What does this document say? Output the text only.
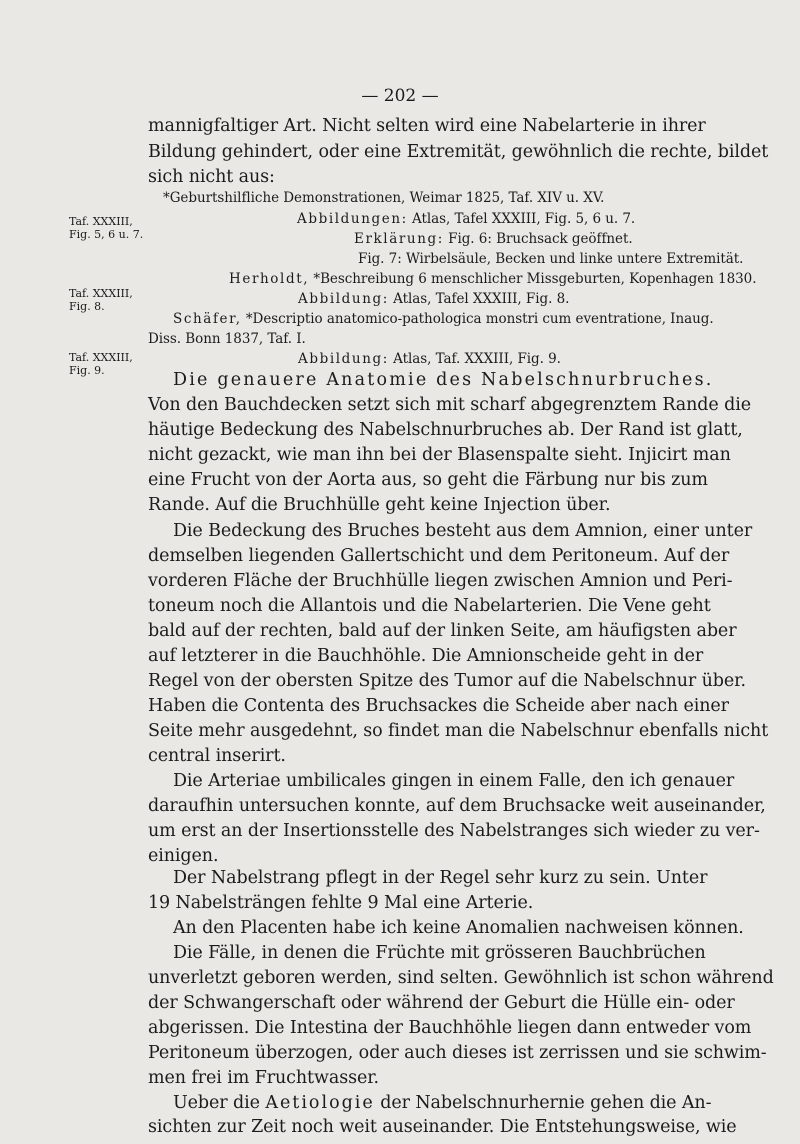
— 202 —
Taf. XXXIII,
Fig. 5, 6 u. 7.
Taf. XXXIII,
Fig. 8.
Taf. XXXIII,
Fig. 9.
mannigfaltiger Art. Nicht selten wird eine Nabelarterie in ihrer
Bildung gehindert, oder eine Extremität, gewöhnlich die rechte, bildet
sich nicht aus:
*Geburtshilfliche Demonstrationen, Weimar 1825, Taf. XIV u. XV.
Abbildungen: Atlas, Tafel XXXIII, Fig. 5, 6 u. 7.
Erklärung: Fig. 6: Bruchsack geöffnet.
Fig. 7: Wirbelsäule, Becken und linke untere Extremität.
Herholdt, *Beschreibung 6 menschlicher Missgeburten, Kopenhagen 1830.
Abbildung: Atlas, Tafel XXXIII, Fig. 8.
Schäfer, *Descriptio anatomico-pathologica monstri cum eventratione, Inaug.
Diss. Bonn 1837, Taf. I.
Abbildung: Atlas, Taf. XXXIII, Fig. 9.
Die genauere Anatomie des Nabelschnurbruches.
Von den Bauchdecken setzt sich mit scharf abgegrenztem Rande die
häutige Bedeckung des Nabelschnurbruches ab. Der Rand ist glatt,
nicht gezackt, wie man ihn bei der Blasenspalte sieht. Injicirt man
eine Frucht von der Aorta aus, so geht die Färbung nur bis zum
Rande. Auf die Bruchhülle geht keine Injection über.
Die Bedeckung des Bruches besteht aus dem Amnion, einer unter
demselben liegenden Gallertschicht und dem Peritoneum. Auf der
vorderen Fläche der Bruchhülle liegen zwischen Amnion und Peri-
toneum noch die Allantois und die Nabelarterien. Die Vene geht
bald auf der rechten, bald auf der linken Seite, am häufigsten aber
auf letzterer in die Bauchhöhle. Die Amnionscheide geht in der
Regel von der obersten Spitze des Tumor auf die Nabelschnur über.
Haben die Contenta des Bruchsackes die Scheide aber nach einer
Seite mehr ausgedehnt, so findet man die Nabelschnur ebenfalls nicht
central inserirt.
Die Arteriae umbilicales gingen in einem Falle, den ich genauer
daraufhin untersuchen konnte, auf dem Bruchsacke weit auseinander,
um erst an der Insertionsstelle des Nabelstranges sich wieder zu ver-
einigen.
Der Nabelstrang pflegt in der Regel sehr kurz zu sein. Unter
19 Nabelsträngen fehlte 9 Mal eine Arterie.
An den Placenten habe ich keine Anomalien nachweisen können.
Die Fälle, in denen die Früchte mit grösseren Bauchbrüchen
unverletzt geboren werden, sind selten. Gewöhnlich ist schon während
der Schwangerschaft oder während der Geburt die Hülle ein- oder
abgerissen. Die Intestina der Bauchhöhle liegen dann entweder vom
Peritoneum überzogen, oder auch dieses ist zerrissen und sie schwim-
men frei im Fruchtwasser.
Ueber die Aetiologie der Nabelschnurhernie gehen die An-
sichten zur Zeit noch weit auseinander. Die Entstehungsweise, wie
